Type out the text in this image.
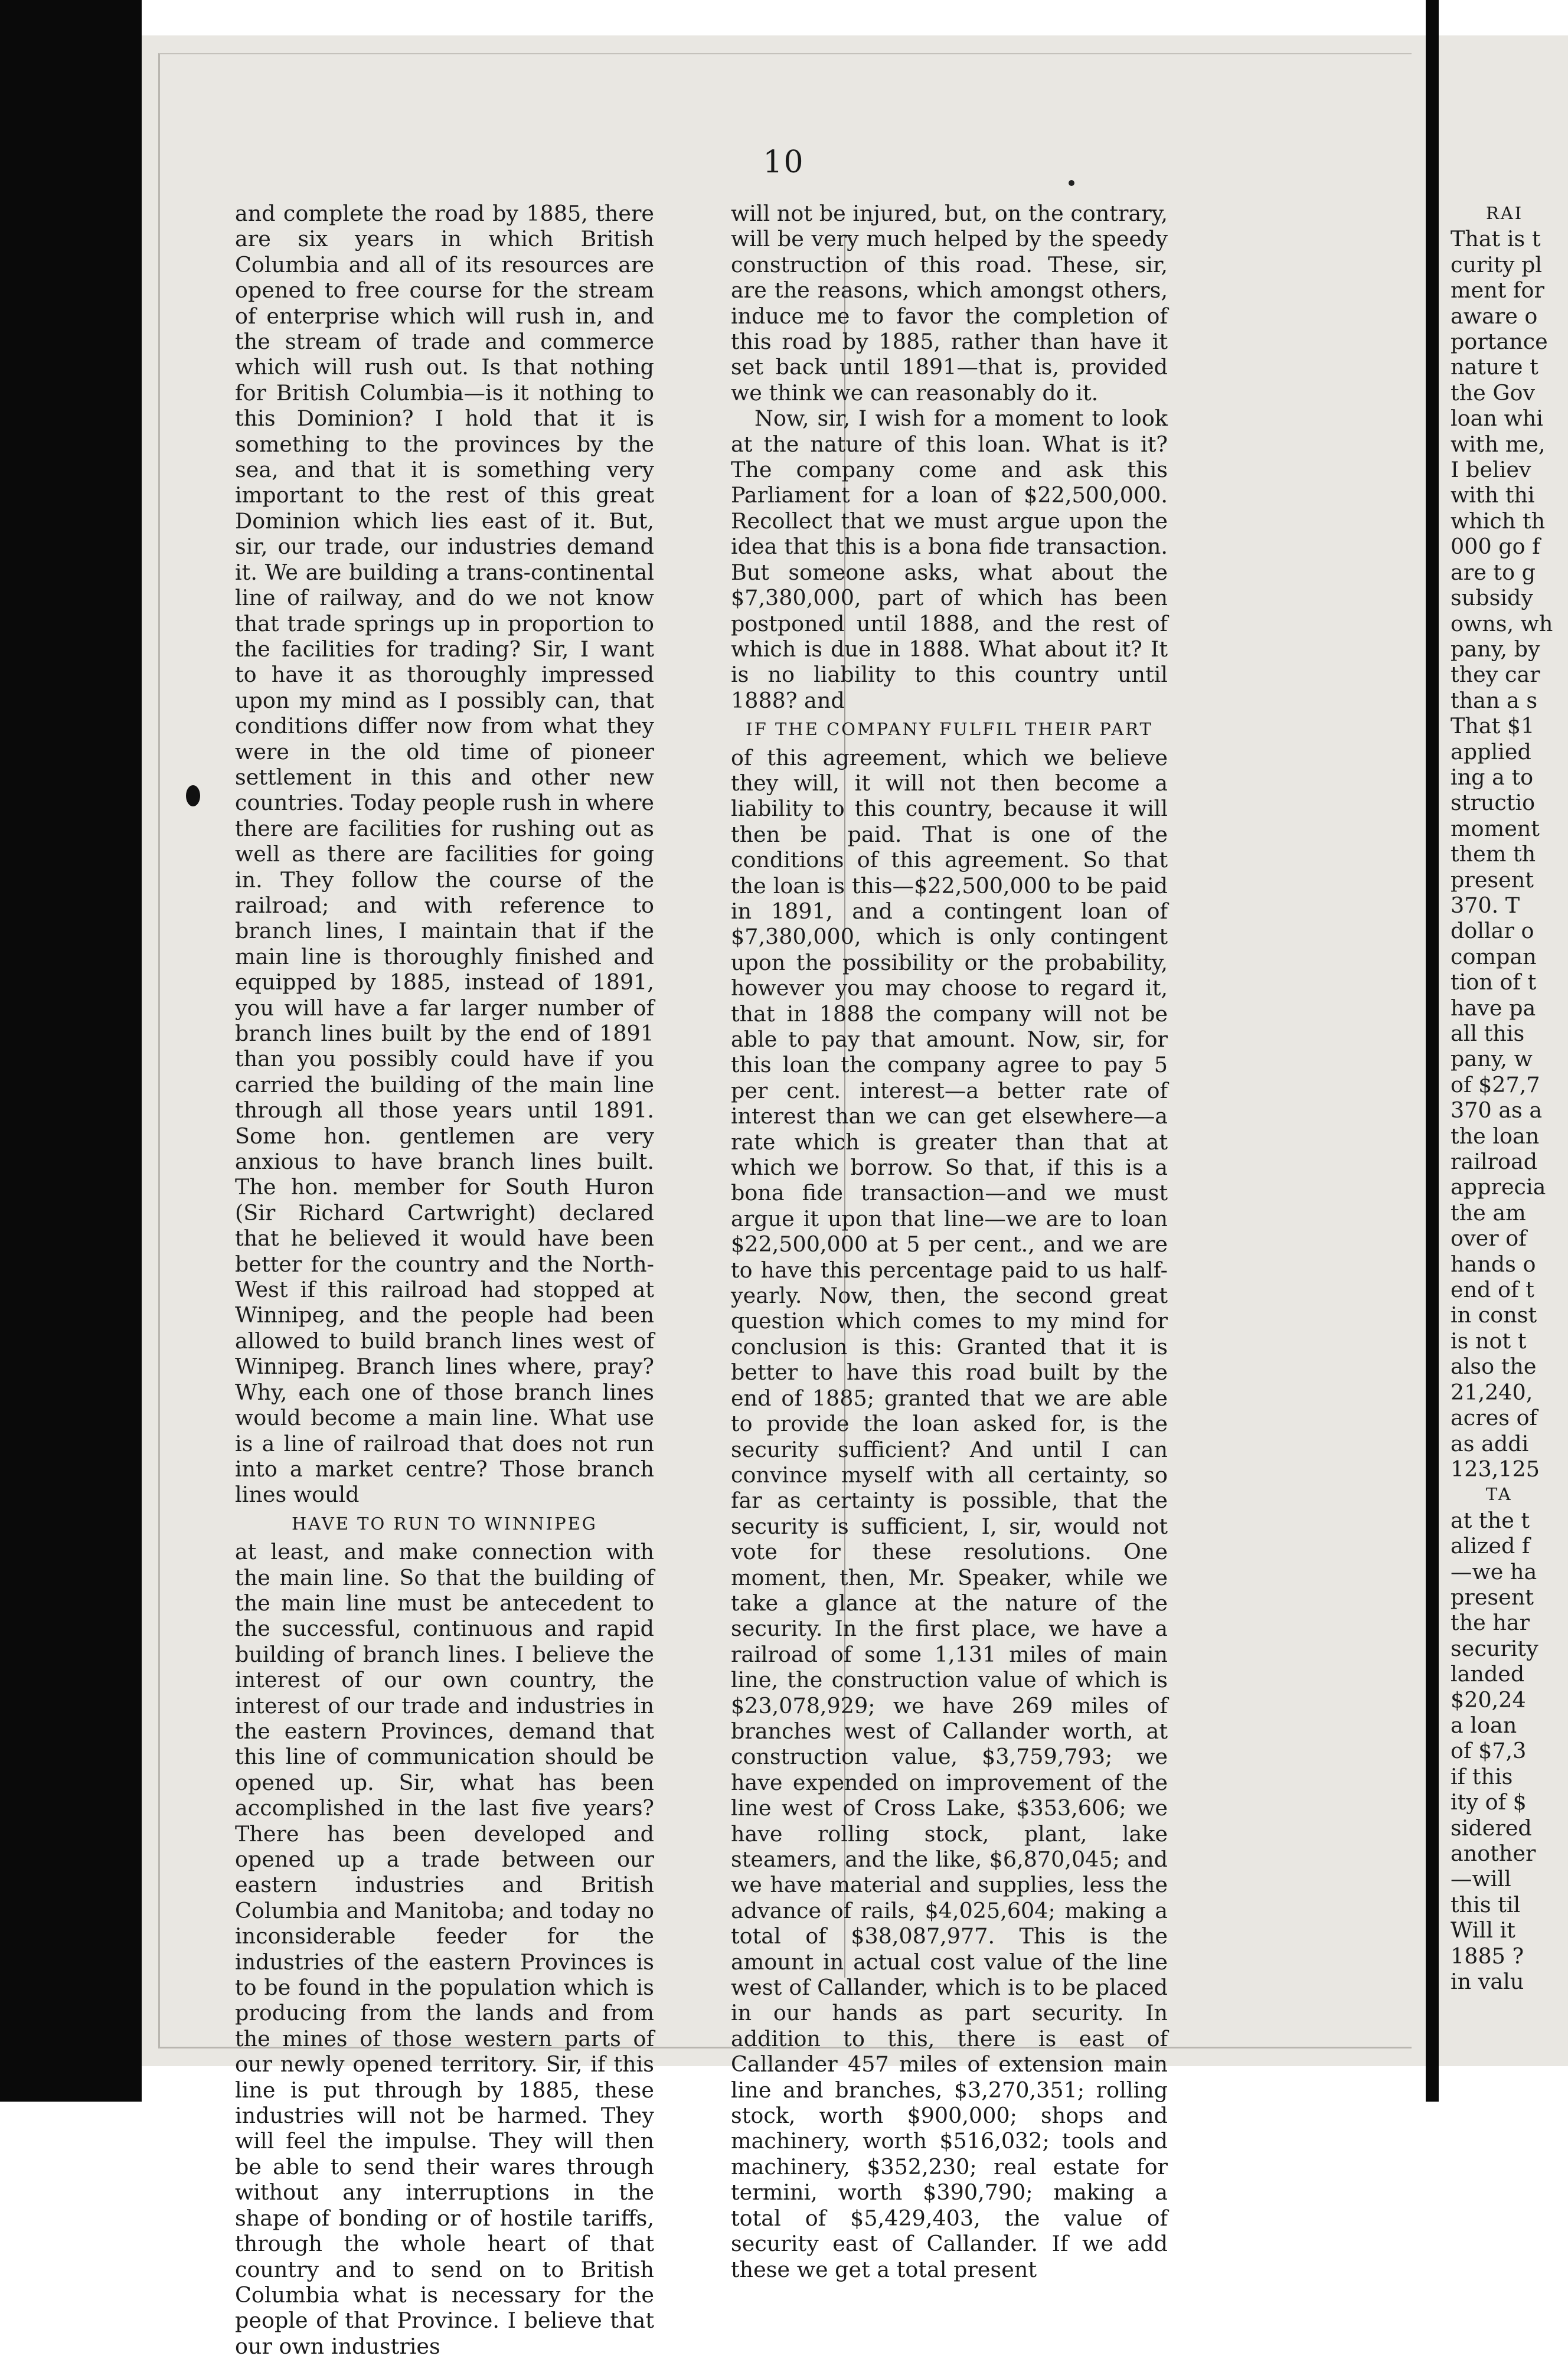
10

and complete the road by 1885, there are six years in which British Columbia and all of its resources are opened to free course for the stream of enterprise which will rush in, and the stream of trade and commerce which will rush out. Is that nothing for British Columbia—is it nothing to this Dominion? I hold that it is something to the provinces by the sea, and that it is something very important to the rest of this great Dominion which lies east of it. But, sir, our trade, our industries demand it. We are building a trans-continental line of railway, and do we not know that trade springs up in proportion to the facilities for trading? Sir, I want to have it as thoroughly impressed upon my mind as I possibly can, that conditions differ now from what they were in the old time of pioneer settlement in this and other new countries. Today people rush in where there are facilities for rushing out as well as there are facilities for going in. They follow the course of the railroad; and with reference to branch lines, I maintain that if the main line is thoroughly finished and equipped by 1885, instead of 1891, you will have a far larger number of branch lines built by the end of 1891 than you possibly could have if you carried the building of the main line through all those years until 1891. Some hon. gentlemen are very anxious to have branch lines built. The hon. member for South Huron (Sir Richard Cartwright) declared that he believed it would have been better for the country and the North-West if this railroad had stopped at Winnipeg, and the people had been allowed to build branch lines west of Winnipeg. Branch lines where, pray? Why, each one of those branch lines would become a main line. What use is a line of railroad that does not run into a market centre? Those branch lines would

HAVE TO RUN TO WINNIPEG

at least, and make connection with the main line. So that the building of the main line must be antecedent to the successful, continuous and rapid building of branch lines. I believe the interest of our own country, the interest of our trade and industries in the eastern Provinces, demand that this line of communication should be opened up. Sir, what has been accomplished in the last five years? There has been developed and opened up a trade between our eastern industries and British Columbia and Manitoba; and today no inconsiderable feeder for the industries of the eastern Provinces is to be found in the population which is producing from the lands and from the mines of those western parts of our newly opened territory. Sir, if this line is put through by 1885, these industries will not be harmed. They will feel the impulse. They will then be able to send their wares through without any interruptions in the shape of bonding or of hostile tariffs, through the whole heart of that country and to send on to British Columbia what is necessary for the people of that Province. I believe that our own industries

will not be injured, but, on the contrary, will be very much helped by the speedy construction of this road. These, sir, are the reasons, which amongst others, induce me to favor the completion of this road by 1885, rather than have it set back until 1891—that is, provided we think we can reasonably do it.

Now, sir, I wish for a moment to look at the nature of this loan. What is it? The company come and ask this Parliament for a loan of $22,500,000. Recollect that we must argue upon the idea that this is a bona fide transaction. But someone asks, what about the $7,380,000, part of which has been postponed until 1888, and the rest of which is due in 1888. What about it? It is no liability to this country until 1888? and

IF THE COMPANY FULFIL THEIR PART

of this agreement, which we believe they will, it will not then become a liability to this country, because it will then be paid. That is one of the conditions of this agreement. So that the loan is this—$22,500,000 to be paid in 1891, and a contingent loan of $7,380,000, which is only contingent upon the possibility or the probability, however you may choose to regard it, that in 1888 the company will not be able to pay that amount. Now, sir, for this loan the company agree to pay 5 per cent. interest—a better rate of interest than we can get elsewhere—a rate which is greater than that at which we borrow. So that, if this is a bona fide transaction—and we must argue it upon that line—we are to loan $22,500,000 at 5 per cent., and we are to have this percentage paid to us half-yearly. Now, then, the second great question which comes to my mind for conclusion is this: Granted that it is better to have this road built by the end of 1885; granted that we are able to provide the loan asked for, is the security sufficient? And until I can convince myself with all certainty, so far as certainty is possible, that the security is sufficient, I, sir, would not vote for these resolutions. One moment, then, Mr. Speaker, while we take a glance at the nature of the security. In the first place, we have a railroad of some 1,131 miles of main line, the construction value of which is $23,078,929; we have 269 miles of branches west of Callander worth, at construction value, $3,759,793; we have expended on improvement of the line west of Cross Lake, $353,606; we have rolling stock, plant, lake steamers, and the like, $6,870,045; and we have material and supplies, less the advance of rails, $4,025,604; making a total of $38,087,977. This is the amount in actual cost value of the line west of Callander, which is to be placed in our hands as part security. In addition to this, there is east of Callander 457 miles of extension main line and branches, $3,270,351; rolling stock, worth $900,000; shops and machinery, worth $516,032; tools and machinery, $352,230; real estate for termini, worth $390,790; making a total of $5,429,403, the value of security east of Callander. If we add these we get a total present

RAI
That is t
curity pl
ment for
aware o
portance
nature t
the Gov
loan whi
with me,
I believ
with thi
which th
000 go f
are to g
subsidy
owns, wh
pany, by
they car
than a s
That $1
applied
ing a to
structio
moment
them th
present
370. T
dollar o
compan
tion of t
have pa
all this
pany, w
of $27,7
370 as a
the loan
railroad
apprecia
the am
over of
hands o
end of t
in const
is not t
also the
21,240,
acres of
as addi
123,125
TA
at the t
alized f
—we ha
present
the har
security
landed
$20,24
a loan
of $7,3
if this
ity of $
sidered
another
—will
this til
Will it
1885 ?
in valu
